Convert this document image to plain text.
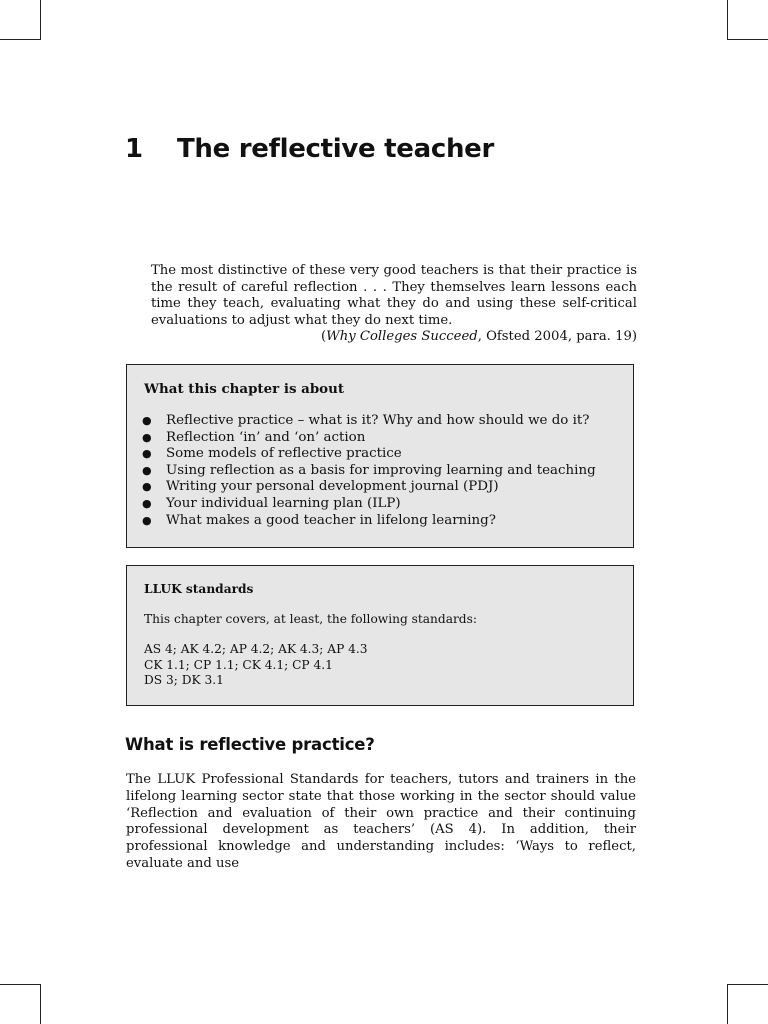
1 The reflective teacher

The most distinctive of these very good teachers is that their practice is the result of careful reflection . . . They themselves learn lessons each time they teach, evaluating what they do and using these self-critical evaluations to adjust what they do next time.

(Why Colleges Succeed, Ofsted 2004, para. 19)
What this chapter is about
●	Reflective practice – what is it? Why and how should we do it?
●	Reflection ‘in’ and ‘on’ action
●	Some models of reflective practice
●	Using reflection as a basis for improving learning and teaching
●	Writing your personal development journal (PDJ)
●	Your individual learning plan (ILP)
●	What makes a good teacher in lifelong learning?
LLUK standards

This chapter covers, at least, the following standards:

AS 4; AK 4.2; AP 4.2; AK 4.3; AP 4.3
CK 1.1; CP 1.1; CK 4.1; CP 4.1
DS 3; DK 3.1
What is reflective practice?

The LLUK Professional Standards for teachers, tutors and trainers in the lifelong learning sector state that those working in the sector should value ‘Reflection and evaluation of their own practice and their continuing professional development as teachers’ (AS 4). In addition, their professional knowledge and understanding includes: ‘Ways to reflect, evaluate and use
